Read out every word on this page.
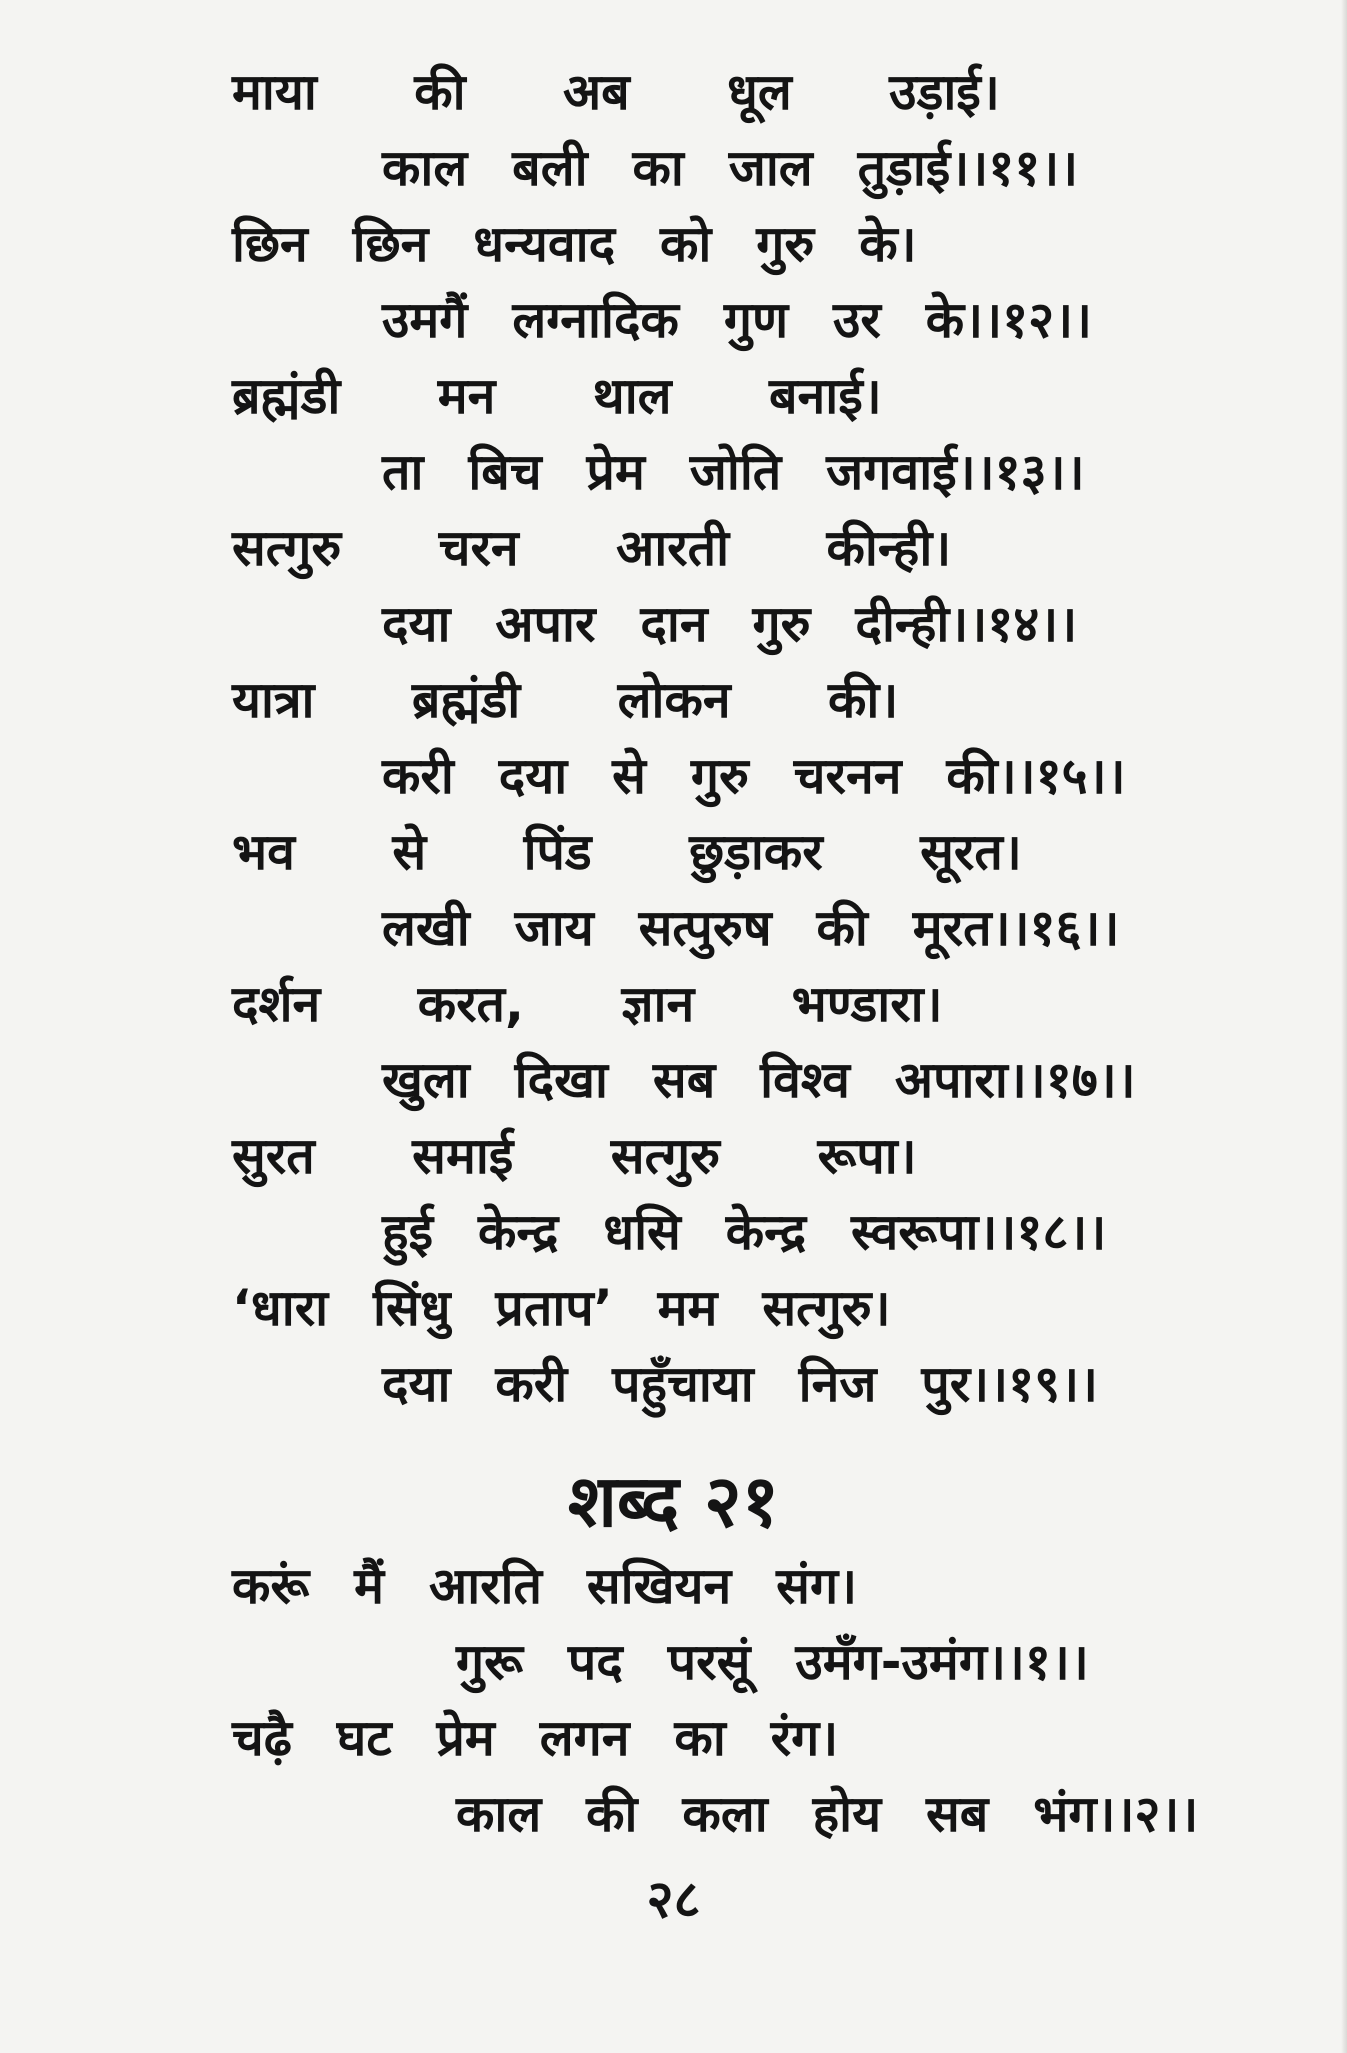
माया की अब धूल उड़ाई।
काल बली का जाल तुड़ाई।।११।।
छिन छिन धन्यवाद को गुरु के।
उमगैं लग्नादिक गुण उर के।।१२।।
ब्रह्मंडी मन थाल बनाई।
ता बिच प्रेम जोति जगवाई।।१३।।
सत्गुरु चरन आरती कीन्ही।
दया अपार दान गुरु दीन्ही।।१४।।
यात्रा ब्रह्मंडी लोकन की।
करी दया से गुरु चरनन की।।१५।।
भव से पिंड छुड़ाकर सूरत।
लखी जाय सत्पुरुष की मूरत।।१६।।
दर्शन करत, ज्ञान भण्डारा।
खुला दिखा सब विश्व अपारा।।१७।।
सुरत समाई सत्गुरु रूपा।
हुई केन्द्र धसि केन्द्र स्वरूपा।।१८।।
‘धारा सिंधु प्रताप’ मम सत्गुरु।
दया करी पहुँचाया निज पुर।।१९।।
शब्द २१
करूं मैं आरति सखियन संग।
गुरू पद परसूं उमँग-उमंग।।१।।
चढ़ै घट प्रेम लगन का रंग।
काल की कला होय सब भंग।।२।।
२८
